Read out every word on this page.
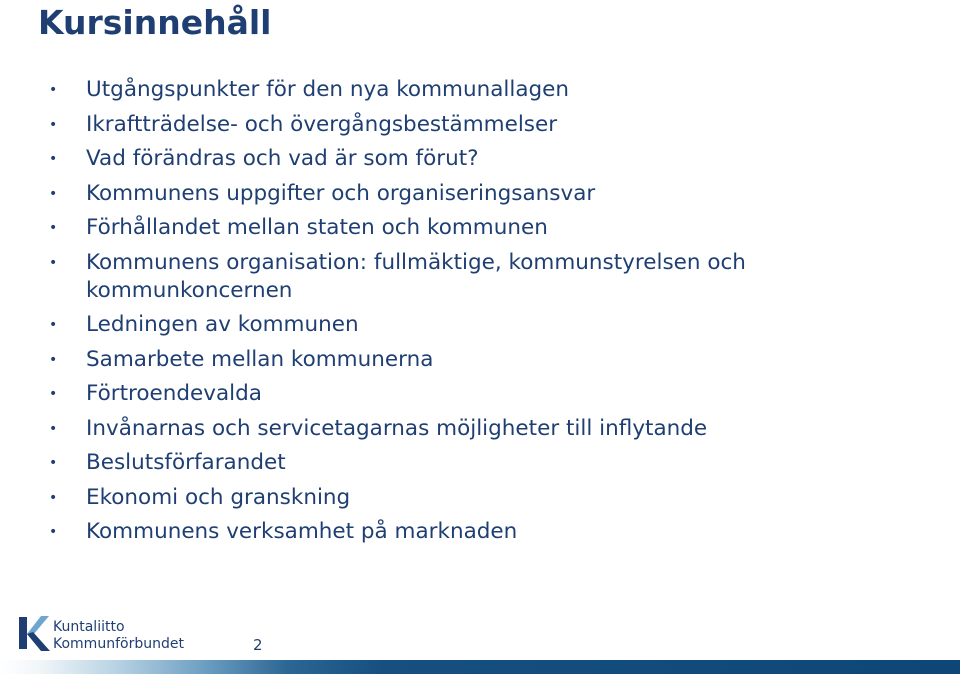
Kursinnehåll
•	Utgångspunkter för den nya kommunallagen
•	Ikraftträdelse- och övergångsbestämmelser
•	Vad förändras och vad är som förut?
•	Kommunens uppgifter och organiseringsansvar
•	Förhållandet mellan staten och kommunen
•	Kommunens organisation: fullmäktige, kommunstyrelsen och kommunkoncernen
•	Ledningen av kommunen
•	Samarbete mellan kommunerna
•	Förtroendevalda
•	Invånarnas och servicetagarnas möjligheter till inflytande
•	Beslutsförfarandet
•	Ekonomi och granskning
•	Kommunens verksamhet på marknaden
Kuntaliitto
Kommunförbundet	2
